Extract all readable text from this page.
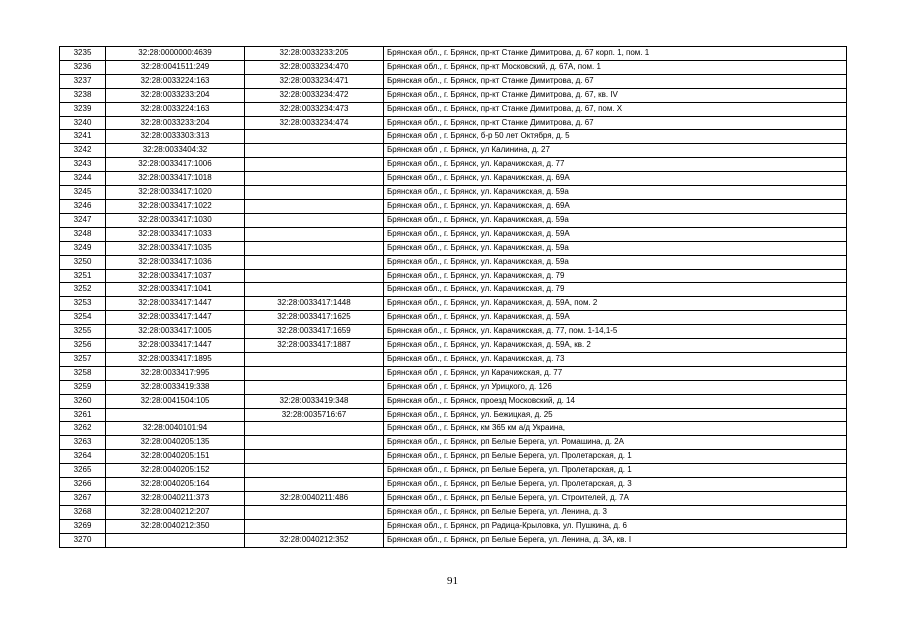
3235	32:28:0000000:4639	32:28:0033233:205	Брянская обл., г. Брянск, пр-кт Станке Димитрова, д. 67 корп. 1, пом. 1
3236	32:28:0041511:249	32:28:0033234:470	Брянская обл., г. Брянск, пр-кт Московский, д. 67А, пом. 1
3237	32:28:0033224:163	32:28:0033234:471	Брянская обл., г. Брянск, пр-кт Станке Димитрова, д. 67
3238	32:28:0033233:204	32:28:0033234:472	Брянская обл., г. Брянск, пр-кт Станке Димитрова, д. 67, кв. IV
3239	32:28:0033224:163	32:28:0033234:473	Брянская обл., г. Брянск, пр-кт Станке Димитрова, д. 67, пом. Х
3240	32:28:0033233:204	32:28:0033234:474	Брянская обл., г. Брянск, пр-кт Станке Димитрова, д. 67
3241	32:28:0033303:313		Брянская обл , г. Брянск, б-р 50 лет Октября, д. 5
3242	32:28:0033404:32		Брянская обл , г. Брянск, ул Калинина, д. 27
3243	32:28:0033417:1006		Брянская обл., г. Брянск, ул. Карачижская, д. 77
3244	32:28:0033417:1018		Брянская обл., г. Брянск, ул. Карачижская, д. 69А
3245	32:28:0033417:1020		Брянская обл., г. Брянск, ул. Карачижская, д. 59а
3246	32:28:0033417:1022		Брянская обл., г. Брянск, ул. Карачижская, д. 69А
3247	32:28:0033417:1030		Брянская обл., г. Брянск, ул. Карачижская, д. 59а
3248	32:28:0033417:1033		Брянская обл., г. Брянск, ул. Карачижская, д. 59А
3249	32:28:0033417:1035		Брянская обл., г. Брянск, ул. Карачижская, д. 59а
3250	32:28:0033417:1036		Брянская обл., г. Брянск, ул. Карачижская, д. 59а
3251	32:28:0033417:1037		Брянская обл., г. Брянск, ул. Карачижская, д. 79
3252	32:28:0033417:1041		Брянская обл., г. Брянск, ул. Карачижская, д. 79
3253	32:28:0033417:1447	32:28:0033417:1448	Брянская обл., г. Брянск, ул. Карачижская, д. 59А, пом. 2
3254	32:28:0033417:1447	32:28:0033417:1625	Брянская обл., г. Брянск, ул. Карачижская, д. 59А
3255	32:28:0033417:1005	32:28:0033417:1659	Брянская обл., г. Брянск, ул. Карачижская, д. 77, пом. 1-14,1-5
3256	32:28:0033417:1447	32:28:0033417:1887	Брянская обл., г. Брянск, ул. Карачижская, д. 59А, кв. 2
3257	32:28:0033417:1895		Брянская обл., г. Брянск, ул. Карачижская, д. 73
3258	32:28:0033417:995		Брянская обл , г. Брянск, ул Карачижская, д. 77
3259	32:28:0033419:338		Брянская обл , г. Брянск, ул Урицкого, д. 126
3260	32:28:0041504:105	32:28:0033419:348	Брянская обл., г. Брянск, проезд Московский, д. 14
3261		32:28:0035716:67	Брянская обл., г. Брянск, ул. Бежицкая, д. 25
3262	32:28:0040101:94		Брянская обл., г. Брянск, км 365 км а/д Украина,
3263	32:28:0040205:135		Брянская обл., г. Брянск, рп Белые Берега, ул. Ромашина, д. 2А
3264	32:28:0040205:151		Брянская обл., г. Брянск, рп Белые Берега, ул. Пролетарская, д. 1
3265	32:28:0040205:152		Брянская обл., г. Брянск, рп Белые Берега, ул. Пролетарская, д. 1
3266	32:28:0040205:164		Брянская обл., г. Брянск, рп Белые Берега, ул. Пролетарская, д. 3
3267	32:28:0040211:373	32:28:0040211:486	Брянская обл., г. Брянск, рп Белые Берега, ул. Строителей, д. 7А
3268	32:28:0040212:207		Брянская обл., г. Брянск, рп Белые Берега, ул. Ленина, д. 3
3269	32:28:0040212:350		Брянская обл., г. Брянск, рп Радица-Крыловка, ул. Пушкина, д. 6
3270		32:28:0040212:352	Брянская обл., г. Брянск, рп Белые Берега, ул. Ленина, д. 3А, кв. I
91
